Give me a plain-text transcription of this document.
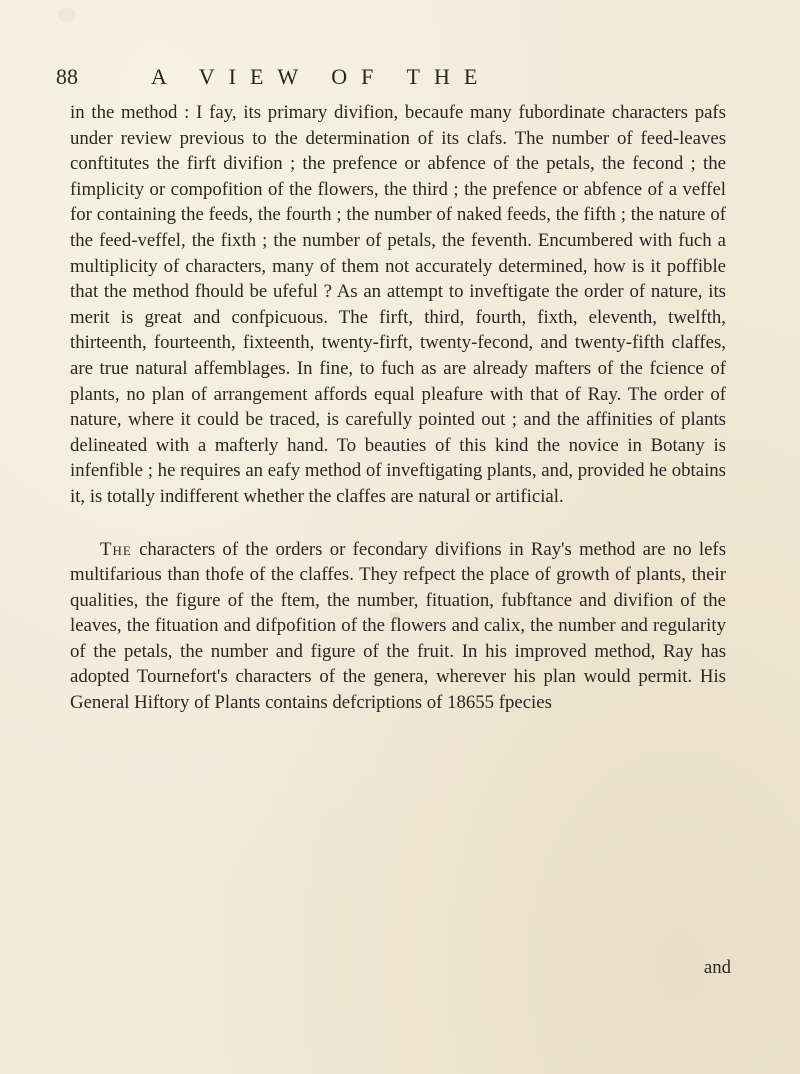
88	A VIEW OF THE

in the method : I fay, its primary divifion, becaufe many fubordinate characters pafs under review previous to the determination of its clafs. The number of feed-leaves conftitutes the firft divifion ; the prefence or abfence of the petals, the fecond ; the fimplicity or compofition of the flowers, the third ; the prefence or abfence of a veffel for containing the feeds, the fourth ; the number of naked feeds, the fifth ; the nature of the feed-veffel, the fixth ; the number of petals, the feventh. Encumbered with fuch a multiplicity of characters, many of them not accurately determined, how is it poffible that the method fhould be ufeful ? As an attempt to inveftigate the order of nature, its merit is great and confpicuous. The firft, third, fourth, fixth, eleventh, twelfth, thirteenth, fourteenth, fixteenth, twenty-firft, twenty-fecond, and twenty-fifth claffes, are true natural affemblages. In fine, to fuch as are already mafters of the fcience of plants, no plan of arrangement affords equal pleafure with that of Ray. The order of nature, where it could be traced, is carefully pointed out ; and the affinities of plants delineated with a mafterly hand. To beauties of this kind the novice in Botany is infenfible ; he requires an eafy method of inveftigating plants, and, provided he obtains it, is totally indifferent whether the claffes are natural or artificial.

The characters of the orders or fecondary divifions in Ray's method are no lefs multifarious than thofe of the claffes. They refpect the place of growth of plants, their qualities, the figure of the ftem, the number, fituation, fubftance and divifion of the leaves, the fituation and difpofition of the flowers and calix, the number and regularity of the petals, the number and figure of the fruit. In his improved method, Ray has adopted Tournefort's characters of the genera, wherever his plan would permit. His General Hiftory of Plants contains defcriptions of 18655 fpecies

and
